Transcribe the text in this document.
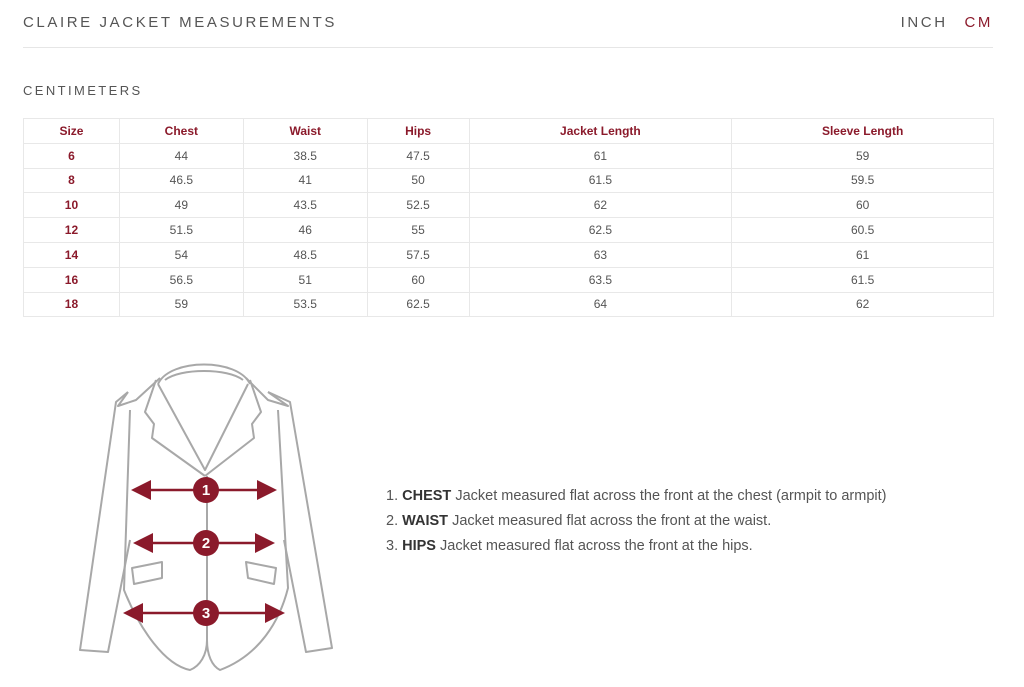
CLAIRE JACKET MEASUREMENTS	INCH CM
CENTIMETERS
Size	Chest	Waist	Hips	Jacket Length	Sleeve Length
6	44	38.5	47.5	61	59
8	46.5	41	50	61.5	59.5
10	49	43.5	52.5	62	60
12	51.5	46	55	62.5	60.5
14	54	48.5	57.5	63	61
16	56.5	51	60	63.5	61.5
18	59	53.5	62.5	64	62
1
2
3
1. CHEST Jacket measured flat across the front at the chest (armpit to armpit)
2. WAIST Jacket measured flat across the front at the waist.
3. HIPS Jacket measured flat across the front at the hips.
